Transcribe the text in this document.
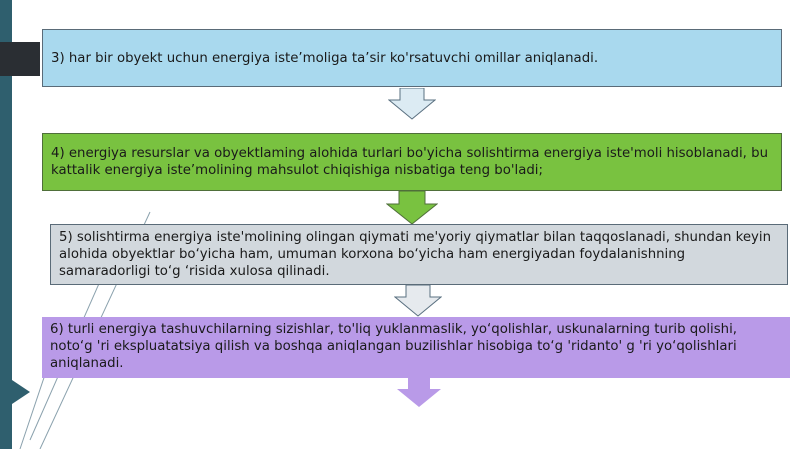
3) har bir obyekt uchun energiya iste’moliga ta’sir ko'rsatuvchi omillar aniqlanadi.
4) energiya resurslar va obyektlaming alohida turlari bo'yicha solishtirma energiya iste'moli hisoblanadi, bu kattalik energiya iste’molining mahsulot chiqishiga nisbatiga teng bo'ladi;
5) solishtirma energiya iste'molining olingan qiymati me'yoriy qiymatlar bilan taqqoslanadi, shundan keyin alohida obyektlar bo‘yicha ham, umuman korxona bo‘yicha ham energiyadan foydalanishning samaradorligi to‘g ‘risida xulosa qilinadi.
6) turli energiya tashuvchilarning sizishlar, to'liq yuklanmaslik, yo‘qolishlar, uskunalarning turib qolishi, noto‘g 'ri ekspluatatsiya qilish va boshqa aniqlangan buzilishlar hisobiga to‘g 'ridanto' g 'ri yo‘qolishlari aniqlanadi.
